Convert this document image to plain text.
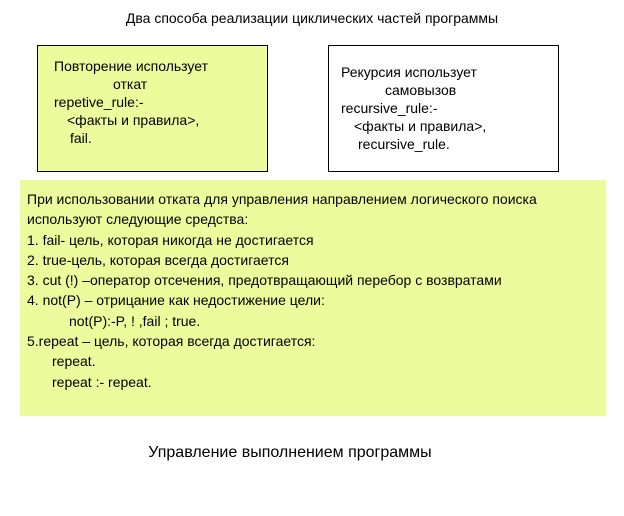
Два способа реализации циклических частей программы
Повторение использует
откат
repetive_rule:-
<факты и правила>,
fail.
Рекурсия использует
самовызов
recursive_rule:-
<факты и правила>,
recursive_rule.
При использовании отката для управления направлением логического поиска
используют следующие средства:
1. fail- цель, которая никогда не достигается
2. true-цель, которая всегда достигается
3. cut (!) –оператор отсечения, предотвращающий перебор с возвратами
4. not(P) – отрицание как недостижение цели:
not(P):-P, ! ,fail ; true.
5.repeat – цель, которая всегда достигается:
repeat.
repeat :- repeat.
Управление выполнением программы
